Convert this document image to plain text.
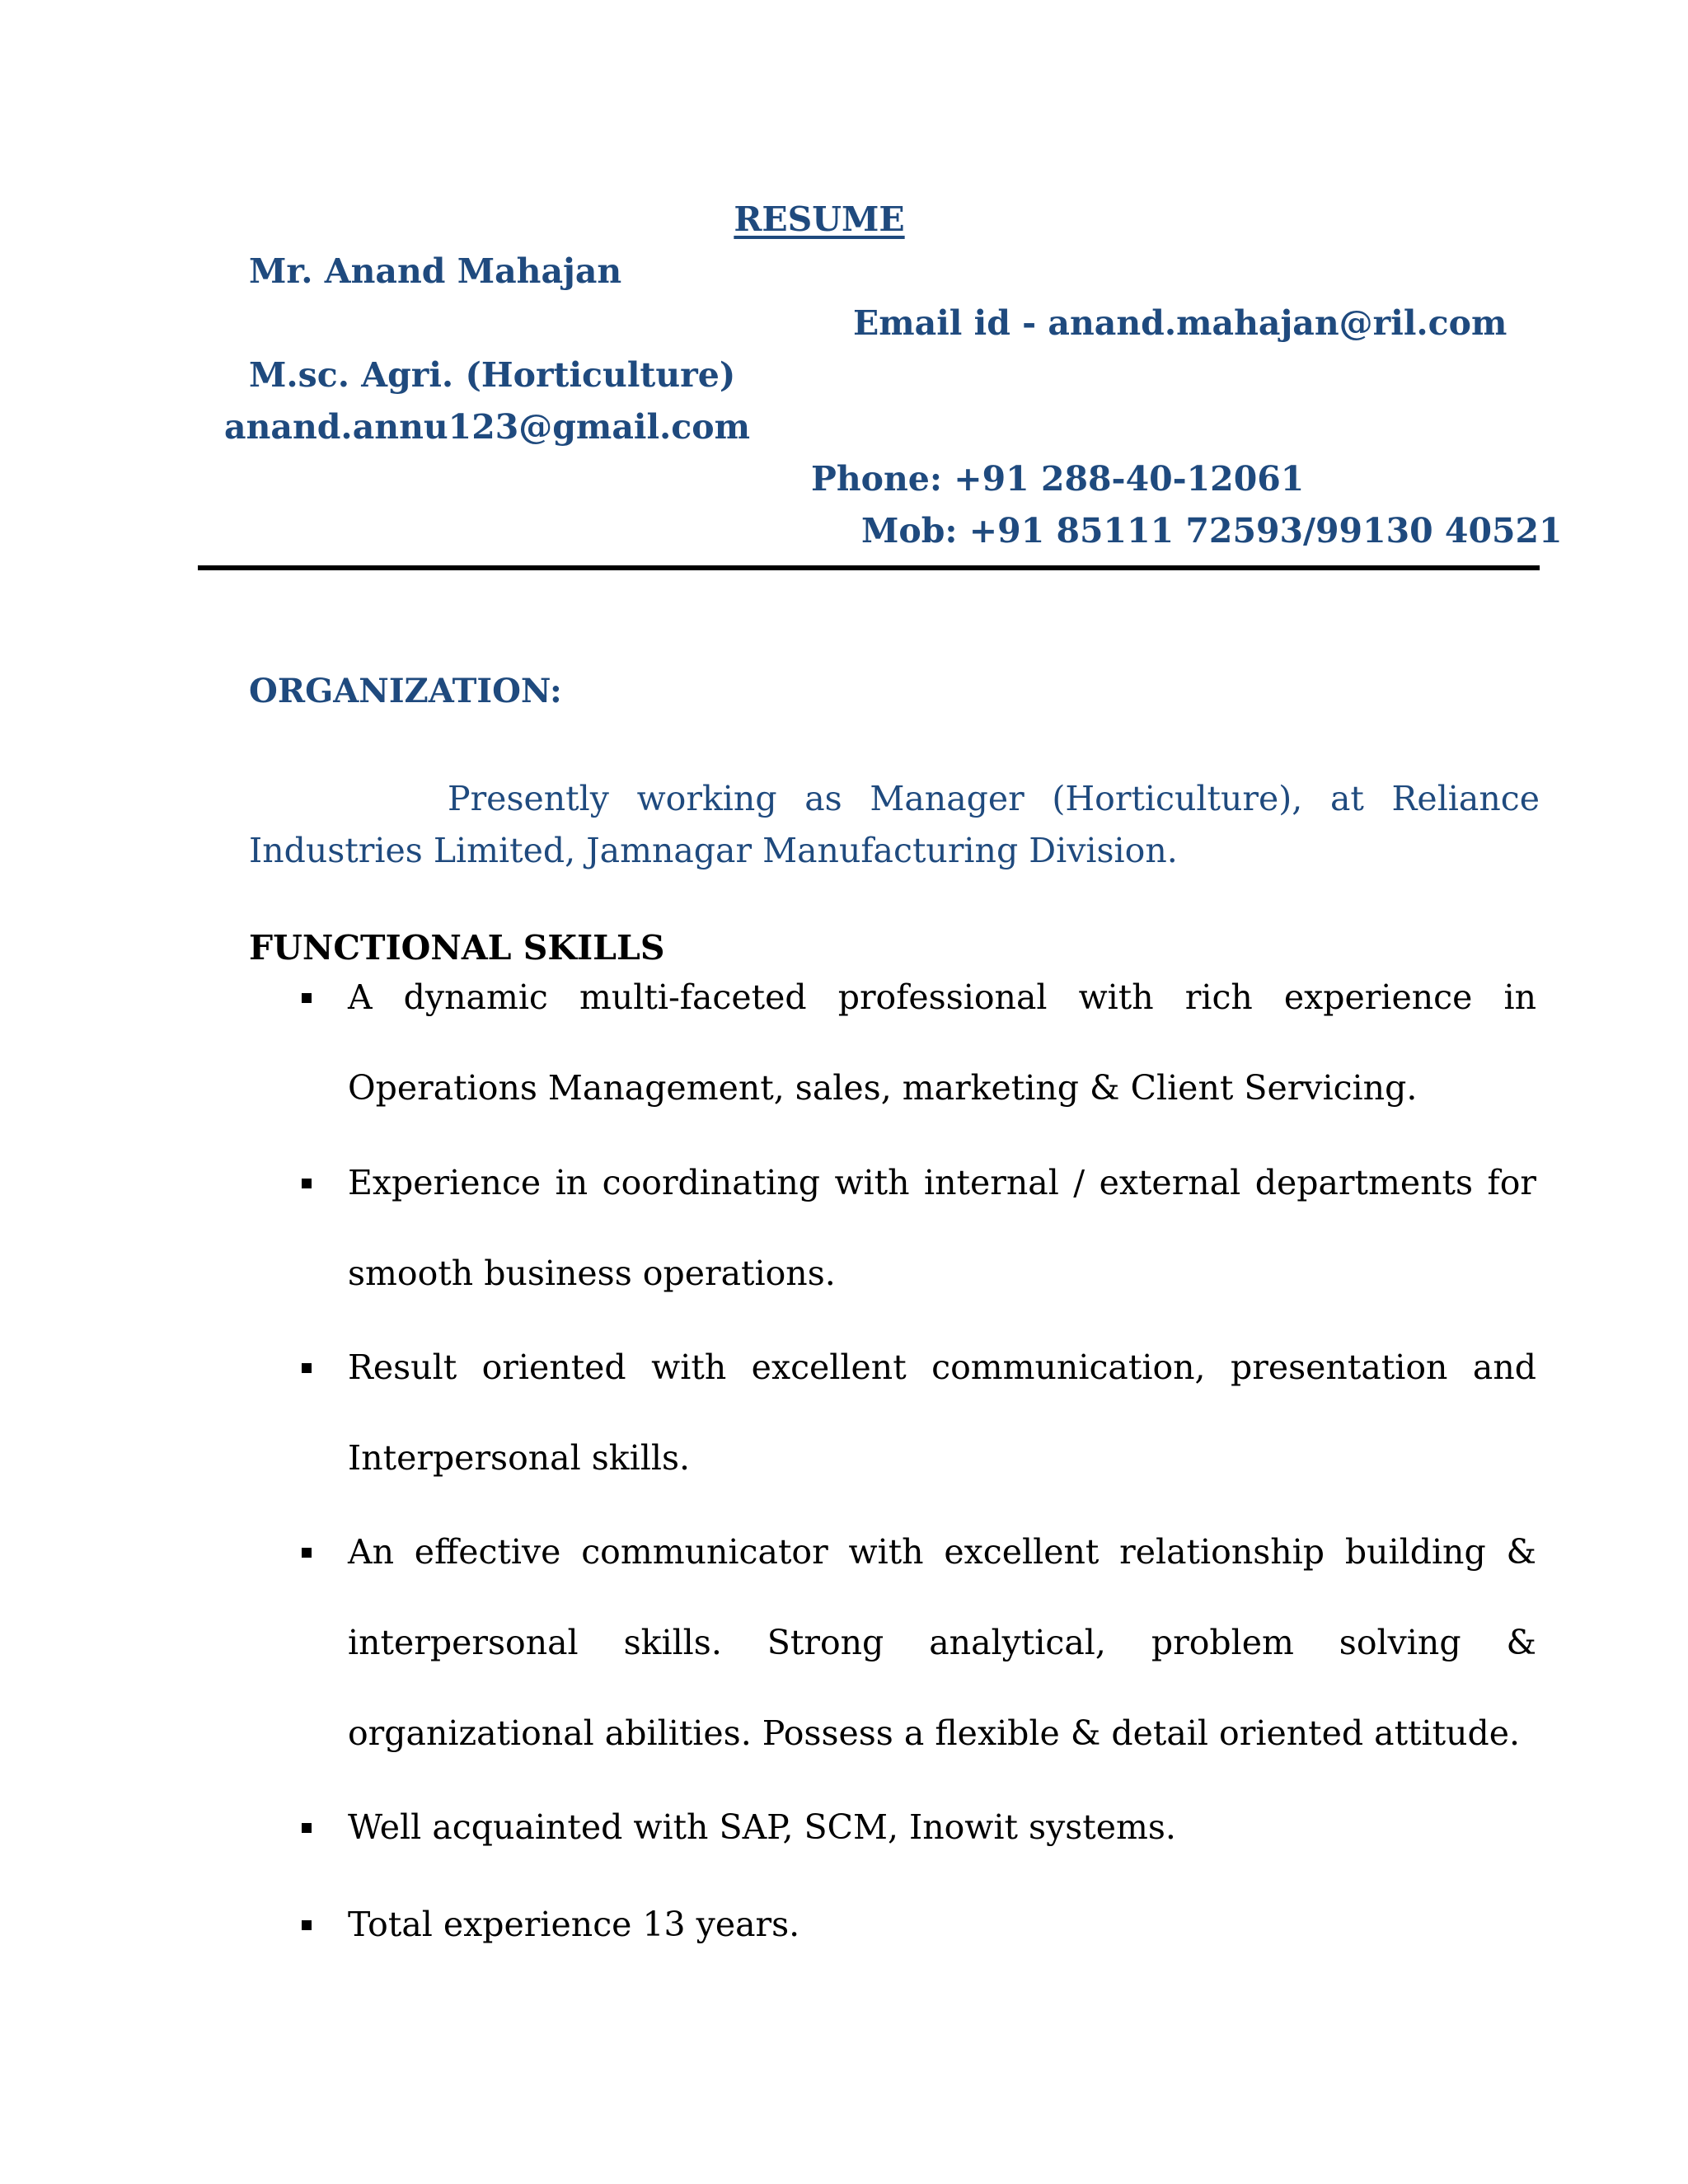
RESUME
Mr. Anand Mahajan
Email id - anand.mahajan@ril.com
M.sc. Agri. (Horticulture)
anand.annu123@gmail.com
Phone: +91 288-40-12061
Mob: +91 85111 72593/99130 40521
ORGANIZATION:
Presently working as Manager (Horticulture), at Reliance Industries Limited, Jamnagar Manufacturing Division.
FUNCTIONAL SKILLS
A dynamic multi-faceted professional with rich experience in Operations Management, sales, marketing & Client Servicing.
Experience in coordinating with internal / external departments for smooth business operations.
Result oriented with excellent communication, presentation and Interpersonal skills.
An effective communicator with excellent relationship building & interpersonal skills. Strong analytical, problem solving & organizational abilities. Possess a flexible & detail oriented attitude.
Well acquainted with SAP, SCM, Inowit systems.
Total experience 13 years.
